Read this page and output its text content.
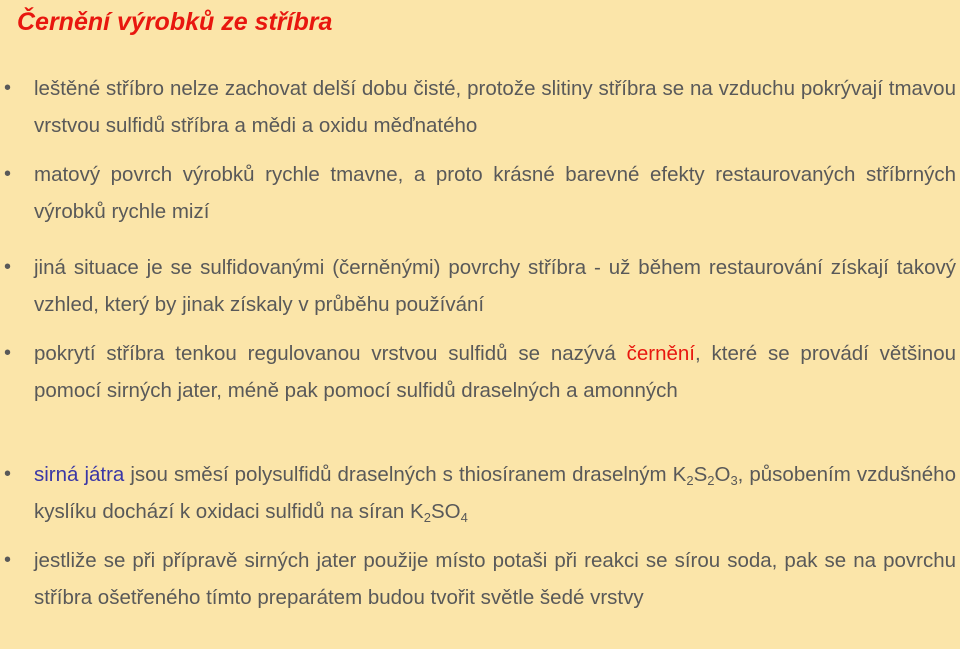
Černění výrobků ze stříbra
• leštěné stříbro nelze zachovat delší dobu čisté, protože slitiny stříbra se na vzduchu pokrývají tmavou vrstvou sulfidů stříbra a mědi a oxidu měďnatého
• matový povrch výrobků rychle tmavne, a proto krásné barevné efekty restaurovaných stříbrných výrobků rychle mizí
• jiná situace je se sulfidovanými (černěnými) povrchy stříbra - už během restaurování získají takový vzhled, který by jinak získaly v průběhu používání
• pokrytí stříbra tenkou regulovanou vrstvou sulfidů se nazývá černění, které se provádí většinou pomocí sirných jater, méně pak pomocí sulfidů draselných a amonných
• sirná játra jsou směsí polysulfidů draselných s thiosíranem draselným $K_2S_2O_3$, působením vzdušného kyslíku dochází k oxidaci sulfidů na síran $K_2SO_4$
• jestliže se při přípravě sirných jater použije místo potaši při reakci se sírou soda, pak se na povrchu stříbra ošetřeného tímto preparátem budou tvořit světle šedé vrstvy
